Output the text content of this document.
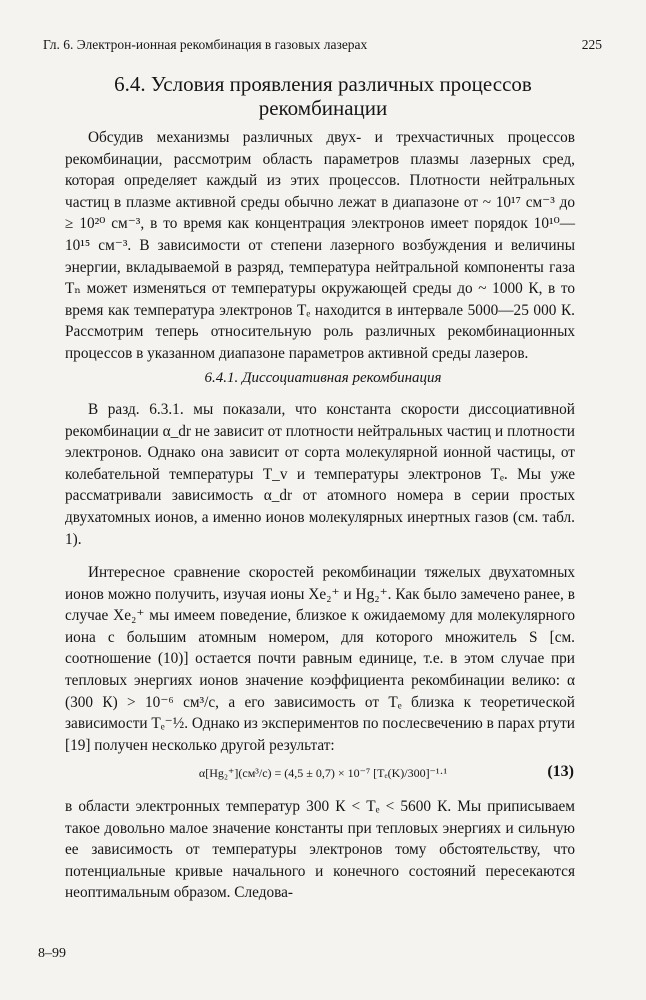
Гл. 6. Электрон-ионная рекомбинация в газовых лазерах	225
6.4. Условия проявления различных процессов
рекомбинации

Обсудив механизмы различных двух- и трехчастичных процессов рекомбинации, рассмотрим область параметров плазмы лазерных сред, которая определяет каждый из этих процессов. Плотности нейтральных частиц в плазме активной среды обычно лежат в диапазоне от ~ 10¹⁷ см⁻³ до ≥ 10²⁰ см⁻³, в то время как концентрация электронов имеет порядок 10¹⁰—10¹⁵ см⁻³. В зависимости от степени лазерного возбуждения и величины энергии, вкладываемой в разряд, температура нейтральной компоненты газа Tₙ может изменяться от температуры окружающей среды до ~ 1000 К, в то время как температура электронов Tₑ находится в интервале 5000—25 000 К. Рассмотрим теперь относительную роль различных рекомбинационных процессов в указанном диапазоне параметров активной среды лазеров.

6.4.1. Диссоциативная рекомбинация

В разд. 6.3.1. мы показали, что константа скорости диссоциативной рекомбинации α_dr не зависит от плотности нейтральных частиц и плотности электронов. Однако она зависит от сорта молекулярной ионной частицы, от колебательной температуры T_v и температуры электронов Tₑ. Мы уже рассматривали зависимость α_dr от атомного номера в серии простых двухатомных ионов, а именно ионов молекулярных инертных газов (см. табл. 1).

Интересное сравнение скоростей рекомбинации тяжелых двухатомных ионов можно получить, изучая ионы Xe₂⁺ и Hg₂⁺. Как было замечено ранее, в случае Xe₂⁺ мы имеем поведение, близкое к ожидаемому для молекулярного иона с большим атомным номером, для которого множитель S [см. соотношение (10)] остается почти равным единице, т.е. в этом случае при тепловых энергиях ионов значение коэффициента рекомбинации велико: α (300 К) > 10⁻⁶ см³/с, а его зависимость от Tₑ близка к теоретической зависимости Tₑ⁻½. Однако из экспериментов по послесвечению в парах ртути [19] получен несколько другой результат:

α[Hg₂⁺](см³/с) = (4,5 ± 0,7) × 10⁻⁷ [Tₑ(K)/300]⁻¹·¹	(13)

в области электронных температур 300 К < Tₑ < 5600 К. Мы приписываем такое довольно малое значение константы при тепловых энергиях и сильную ее зависимость от температуры электронов тому обстоятельству, что потенциальные кривые начального и конечного состояний пересекаются неоптимальным образом. Следова-

8–99
